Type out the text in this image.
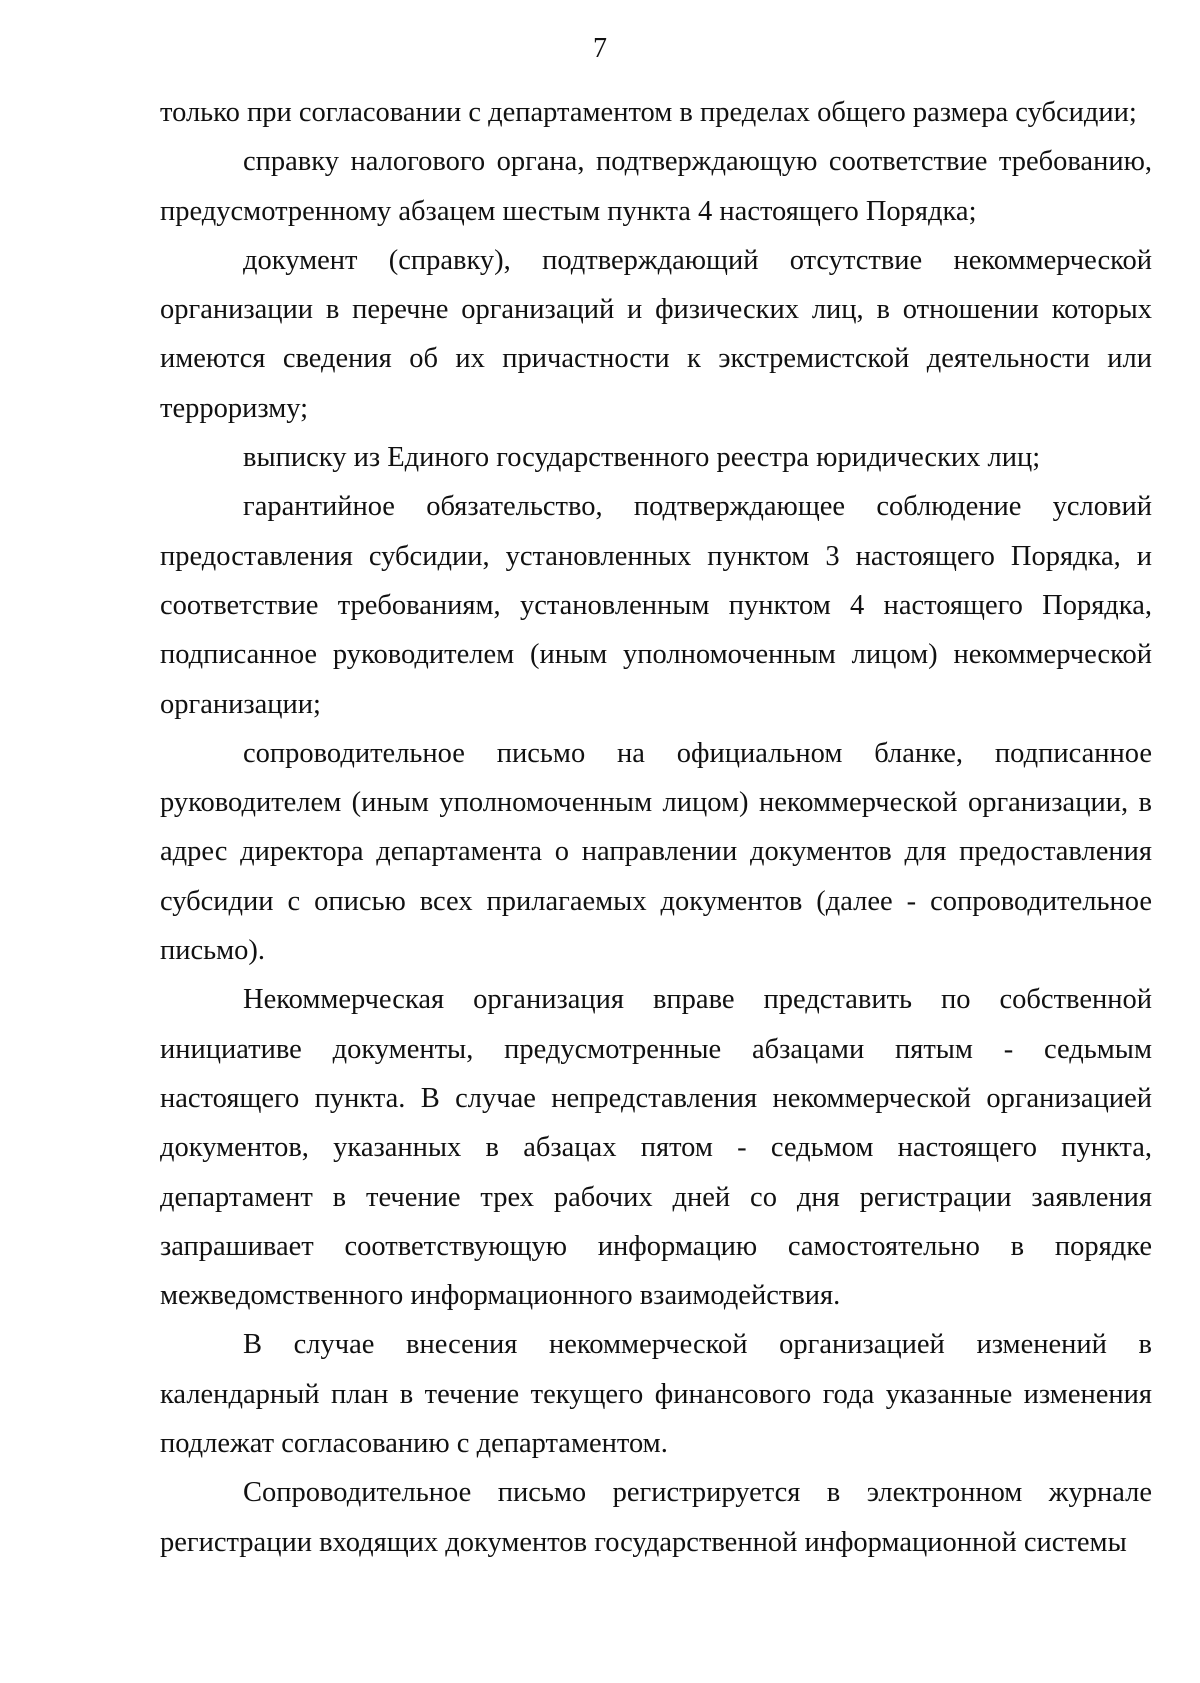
7

только при согласовании с департаментом в пределах общего размера субсидии;

справку налогового органа, подтверждающую соответствие требованию, предусмотренному абзацем шестым пункта 4 настоящего Порядка;

документ (справку), подтверждающий отсутствие некоммерческой организации в перечне организаций и физических лиц, в отношении которых имеются сведения об их причастности к экстремистской деятельности или терроризму;

выписку из Единого государственного реестра юридических лиц;

гарантийное обязательство, подтверждающее соблюдение условий предоставления субсидии, установленных пунктом 3 настоящего Порядка, и соответствие требованиям, установленным пунктом 4 настоящего Порядка, подписанное руководителем (иным уполномоченным лицом) некоммерческой организации;

сопроводительное письмо на официальном бланке, подписанное руководителем (иным уполномоченным лицом) некоммерческой организации, в адрес директора департамента о направлении документов для предоставления субсидии с описью всех прилагаемых документов (далее - сопроводительное письмо).

Некоммерческая организация вправе представить по собственной инициативе документы, предусмотренные абзацами пятым - седьмым настоящего пункта. В случае непредставления некоммерческой организацией документов, указанных в абзацах пятом - седьмом настоящего пункта, департамент в течение трех рабочих дней со дня регистрации заявления запрашивает соответствующую информацию самостоятельно в порядке межведомственного информационного взаимодействия.

В случае внесения некоммерческой организацией изменений в календарный план в течение текущего финансового года указанные изменения подлежат согласованию с департаментом.

Сопроводительное письмо регистрируется в электронном журнале регистрации входящих документов государственной информационной системы
